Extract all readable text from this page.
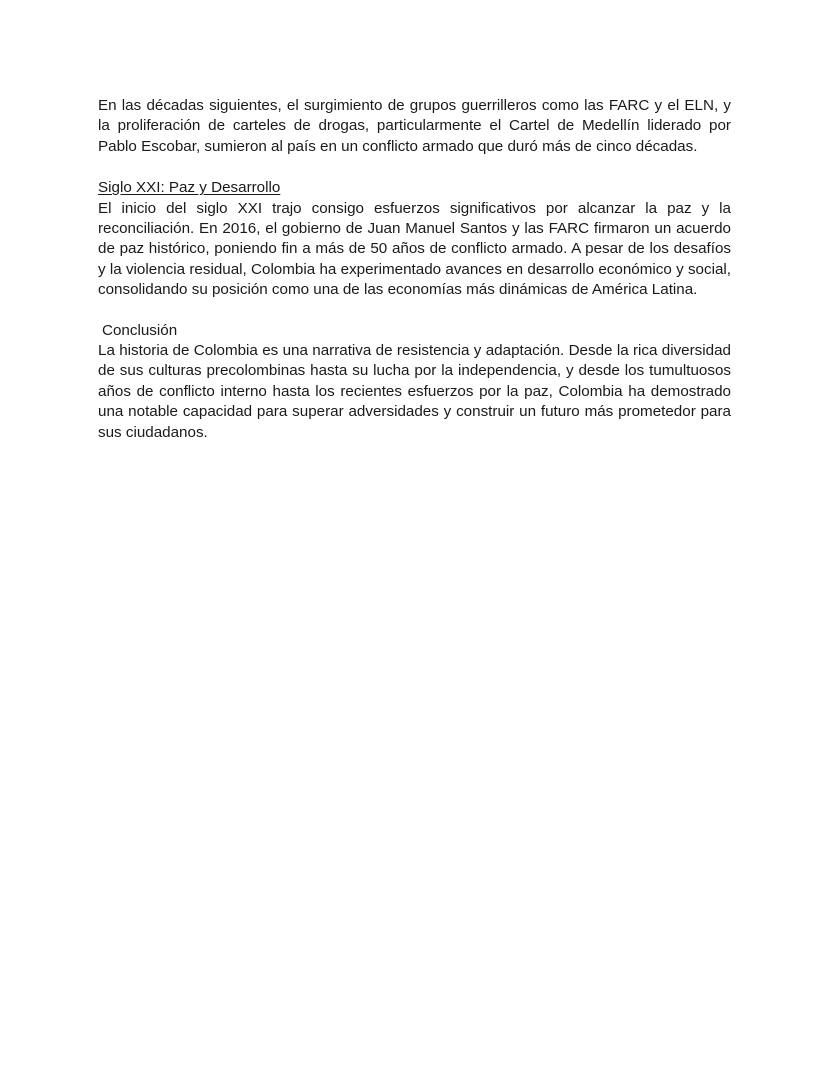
En las décadas siguientes, el surgimiento de grupos guerrilleros como las FARC y el ELN, y la proliferación de carteles de drogas, particularmente el Cartel de Medellín liderado por Pablo Escobar, sumieron al país en un conflicto armado que duró más de cinco décadas.

Siglo XXI: Paz y Desarrollo

El inicio del siglo XXI trajo consigo esfuerzos significativos por alcanzar la paz y la reconciliación. En 2016, el gobierno de Juan Manuel Santos y las FARC firmaron un acuerdo de paz histórico, poniendo fin a más de 50 años de conflicto armado. A pesar de los desafíos y la violencia residual, Colombia ha experimentado avances en desarrollo económico y social, consolidando su posición como una de las economías más dinámicas de América Latina.

Conclusión

La historia de Colombia es una narrativa de resistencia y adaptación. Desde la rica diversidad de sus culturas precolombinas hasta su lucha por la independencia, y desde los tumultuosos años de conflicto interno hasta los recientes esfuerzos por la paz, Colombia ha demostrado una notable capacidad para superar adversidades y construir un futuro más prometedor para sus ciudadanos.
